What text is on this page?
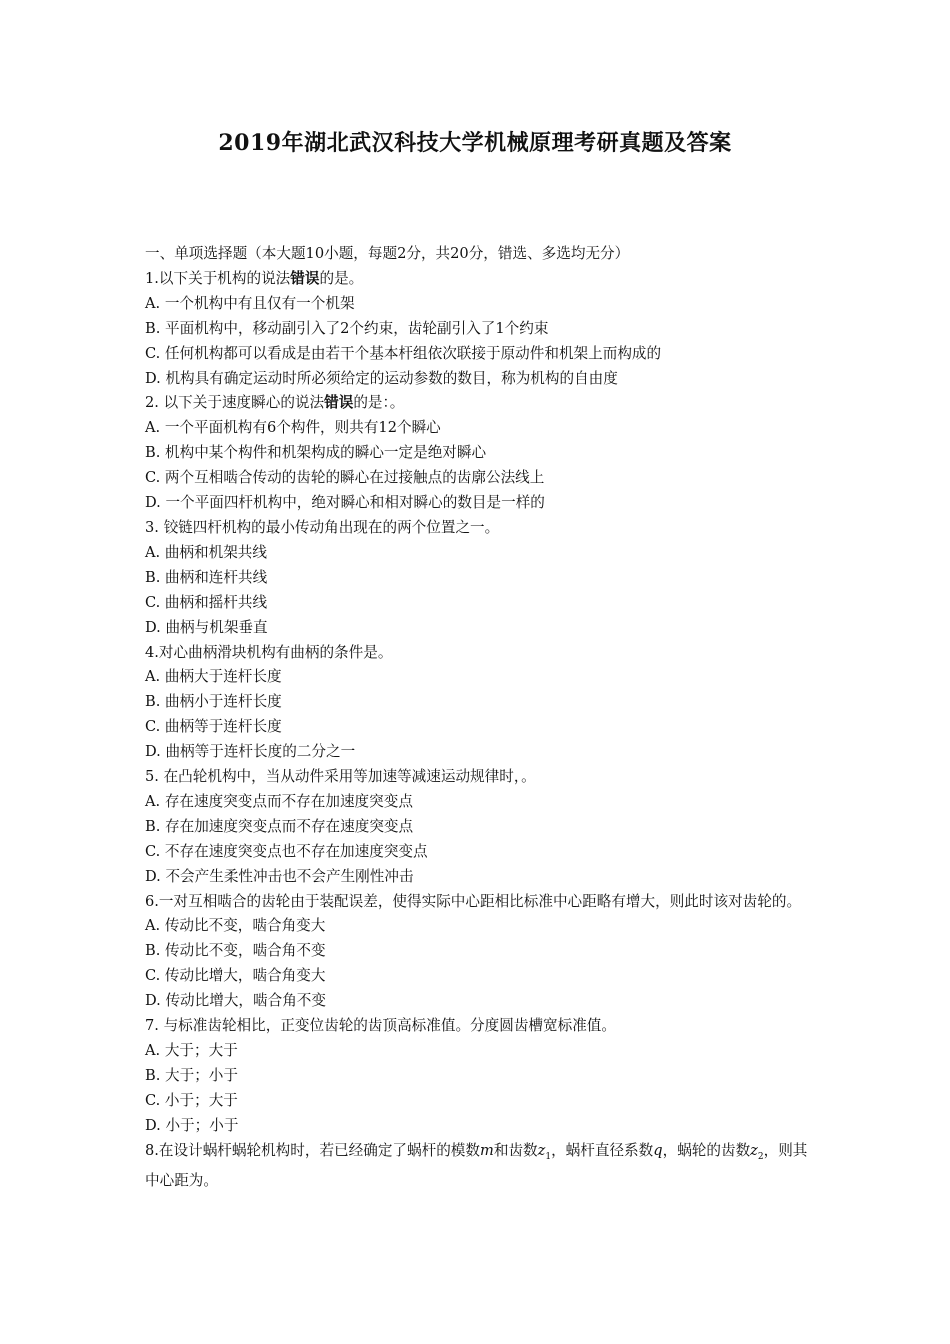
2019年湖北武汉科技大学机械原理考研真题及答案
一、单项选择题（本大题10小题，每题2分，共20分，错选、多选均无分）
1.以下关于机构的说法错误的是。
A. 一个机构中有且仅有一个机架
B. 平面机构中，移动副引入了2个约束，齿轮副引入了1个约束
C. 任何机构都可以看成是由若干个基本杆组依次联接于原动件和机架上而构成的
D. 机构具有确定运动时所必须给定的运动参数的数目，称为机构的自由度
2. 以下关于速度瞬心的说法错误的是：。
A. 一个平面机构有6个构件，则共有12个瞬心
B. 机构中某个构件和机架构成的瞬心一定是绝对瞬心
C. 两个互相啮合传动的齿轮的瞬心在过接触点的齿廓公法线上
D. 一个平面四杆机构中，绝对瞬心和相对瞬心的数目是一样的
3. 铰链四杆机构的最小传动角出现在的两个位置之一。
A. 曲柄和机架共线
B. 曲柄和连杆共线
C. 曲柄和摇杆共线
D. 曲柄与机架垂直
4.对心曲柄滑块机构有曲柄的条件是。
A. 曲柄大于连杆长度
B. 曲柄小于连杆长度
C. 曲柄等于连杆长度
D. 曲柄等于连杆长度的二分之一
5. 在凸轮机构中，当从动件采用等加速等减速运动规律时，。
A. 存在速度突变点而不存在加速度突变点
B. 存在加速度突变点而不存在速度突变点
C. 不存在速度突变点也不存在加速度突变点
D. 不会产生柔性冲击也不会产生刚性冲击
6.一对互相啮合的齿轮由于装配误差，使得实际中心距相比标准中心距略有增大，则此时该对齿轮的。
A. 传动比不变，啮合角变大
B. 传动比不变，啮合角不变
C. 传动比增大，啮合角变大
D. 传动比增大，啮合角不变
7. 与标准齿轮相比，正变位齿轮的齿顶高标准值。分度圆齿槽宽标准值。
A. 大于；大于
B. 大于；小于
C. 小于；大于
D. 小于；小于
8.在设计蜗杆蜗轮机构时，若已经确定了蜗杆的模数m和齿数$z_1$，蜗杆直径系数q，蜗轮的齿数$z_2$，则其中心距为。
